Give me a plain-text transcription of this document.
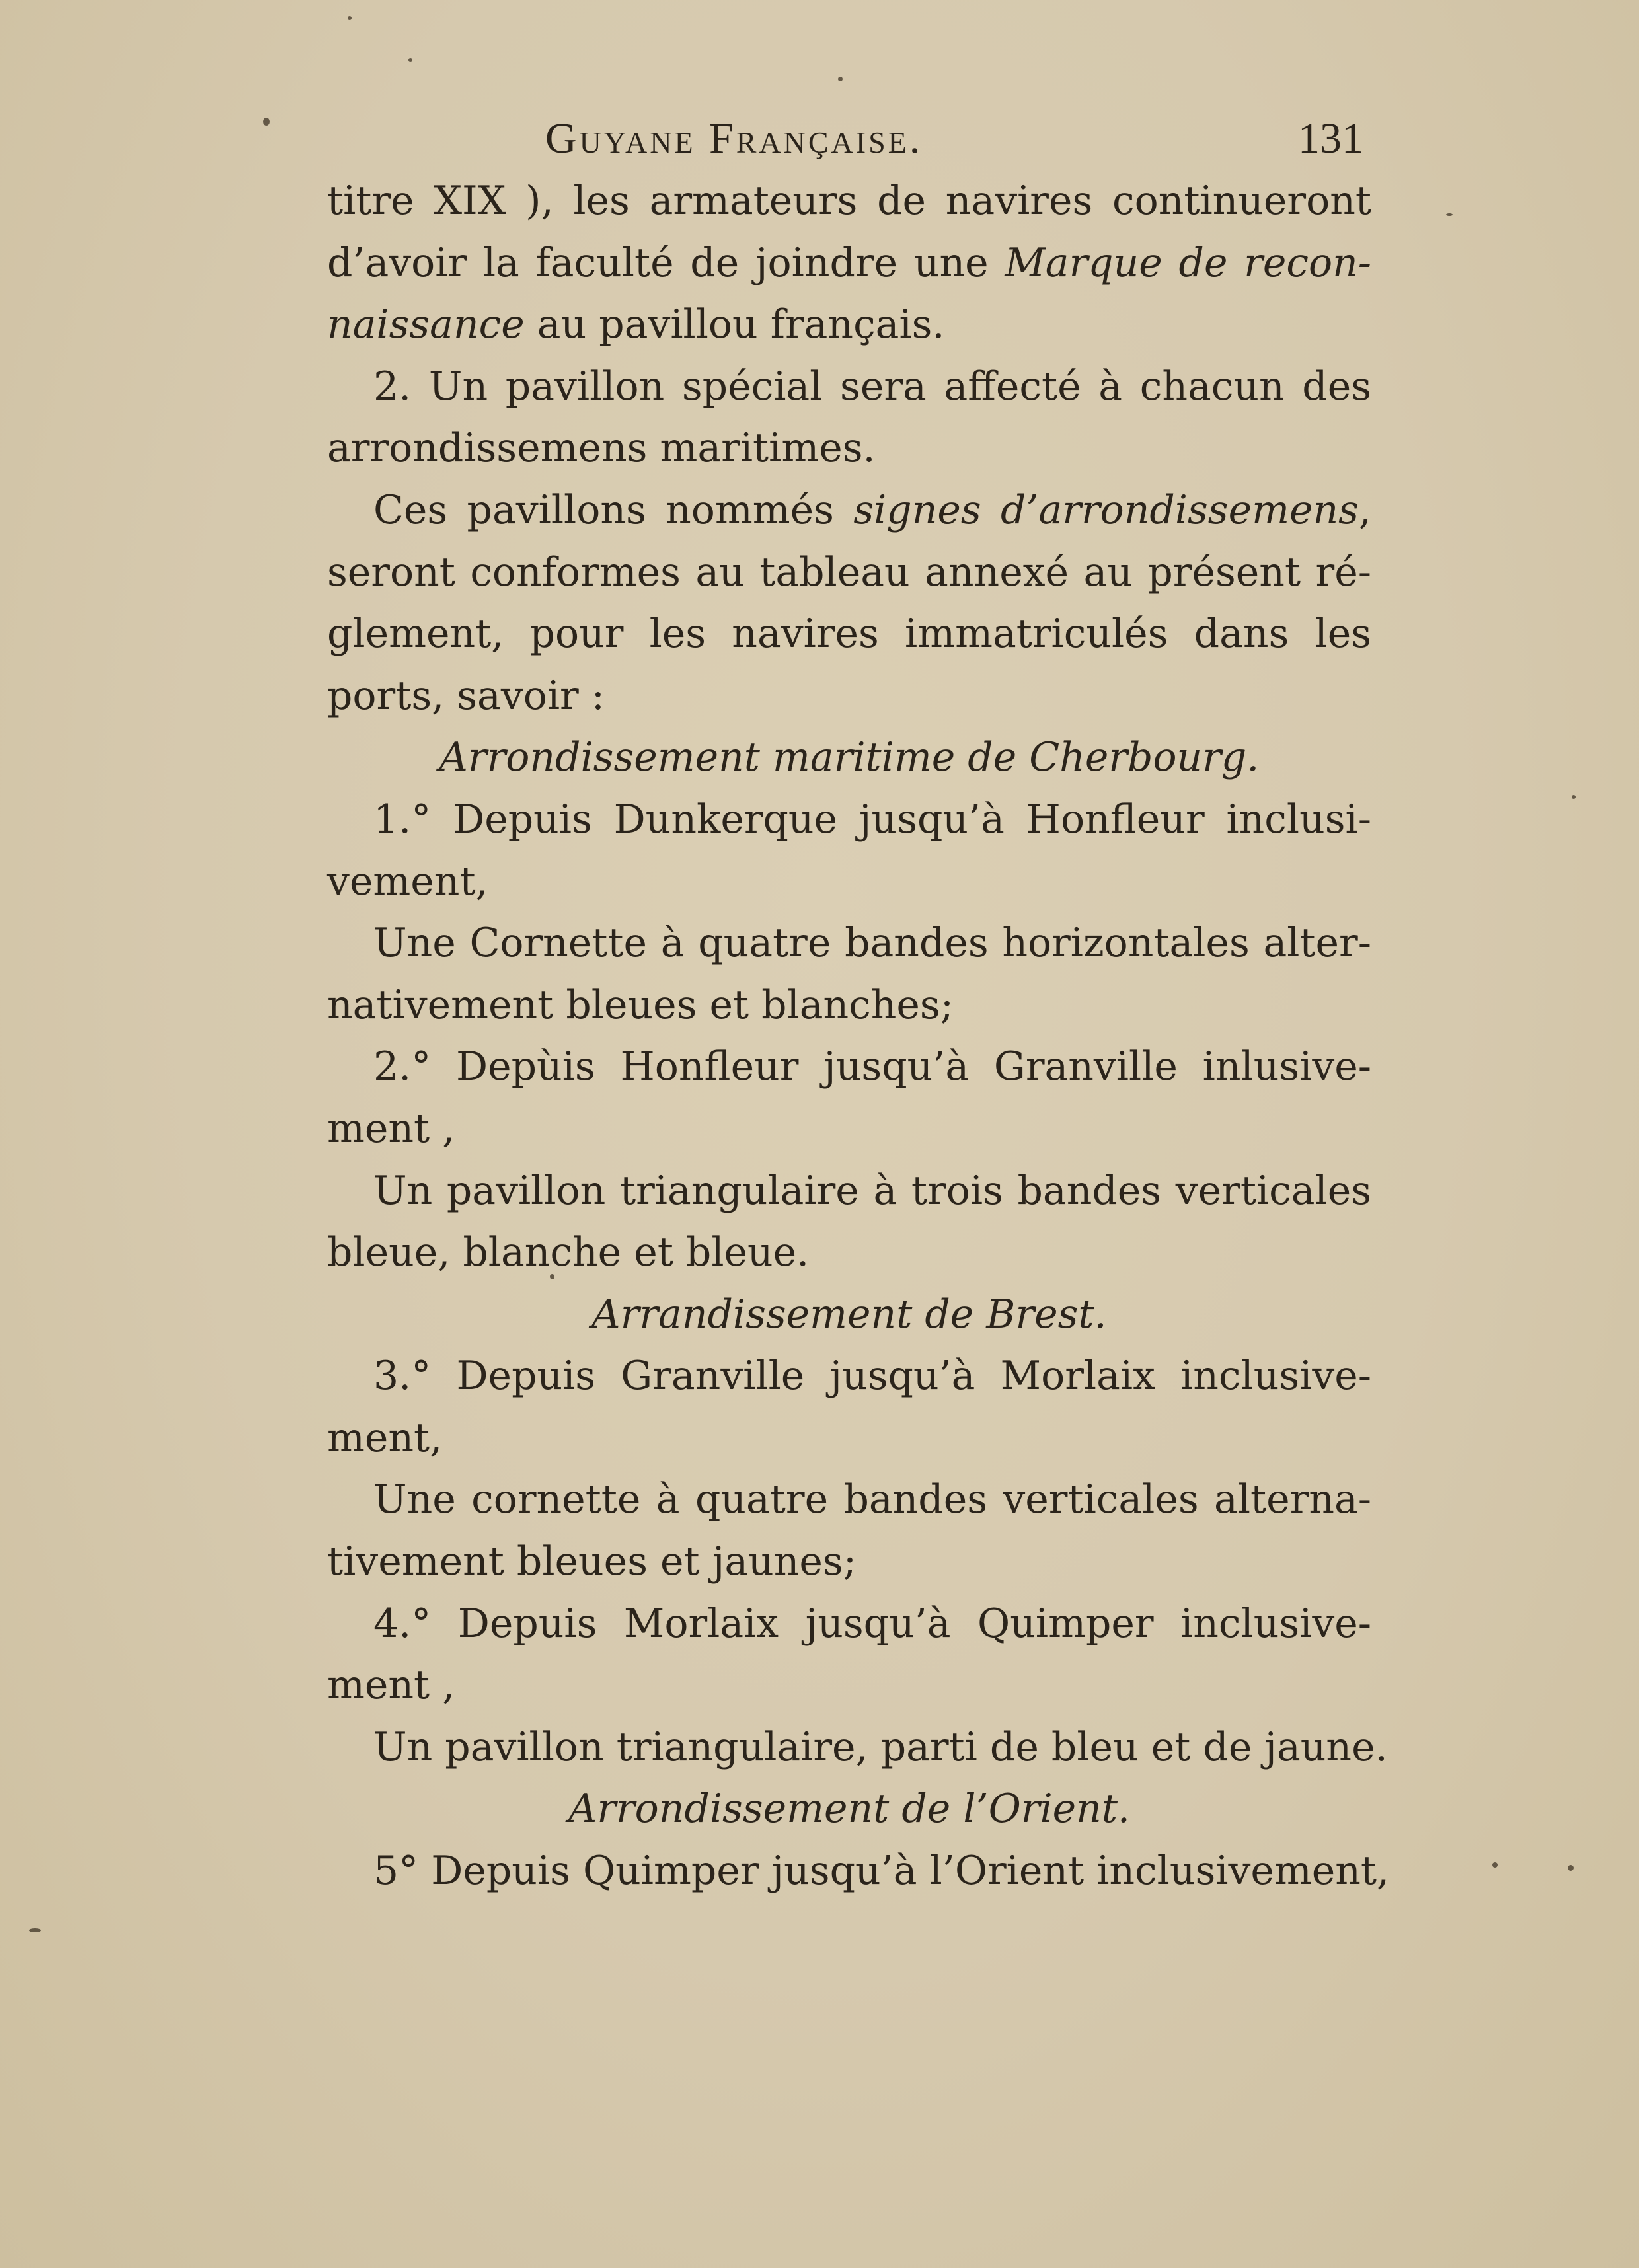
Guyane Française.	131
titre XIX ), les armateurs de navires continueront
d’avoir la faculté de joindre une Marque de recon-
naissance au pavillou français.
2. Un pavillon spécial sera affecté à chacun des
arrondissemens maritimes.
Ces pavillons nommés signes d’arrondissemens,
seront conformes au tableau annexé au présent ré-
glement, pour les navires immatriculés dans les
ports, savoir :
Arrondissement maritime de Cherbourg.
1.° Depuis Dunkerque jusqu’à Honfleur inclusi-
vement,
Une Cornette à quatre bandes horizontales alter-
nativement bleues et blanches;
2.° Depùis Honfleur jusqu’à Granville inlusive-
ment ,
Un pavillon triangulaire à trois bandes verticales
bleue, blanche et bleue.
Arrandissement de Brest.
3.° Depuis Granville jusqu’à Morlaix inclusive-
ment,
Une cornette à quatre bandes verticales alterna-
tivement bleues et jaunes;
4.° Depuis Morlaix jusqu’à Quimper inclusive-
ment ,
Un pavillon triangulaire, parti de bleu et de jaune.
Arrondissement de l’Orient.
5° Depuis Quimper jusqu’à l’Orient inclusivement,
